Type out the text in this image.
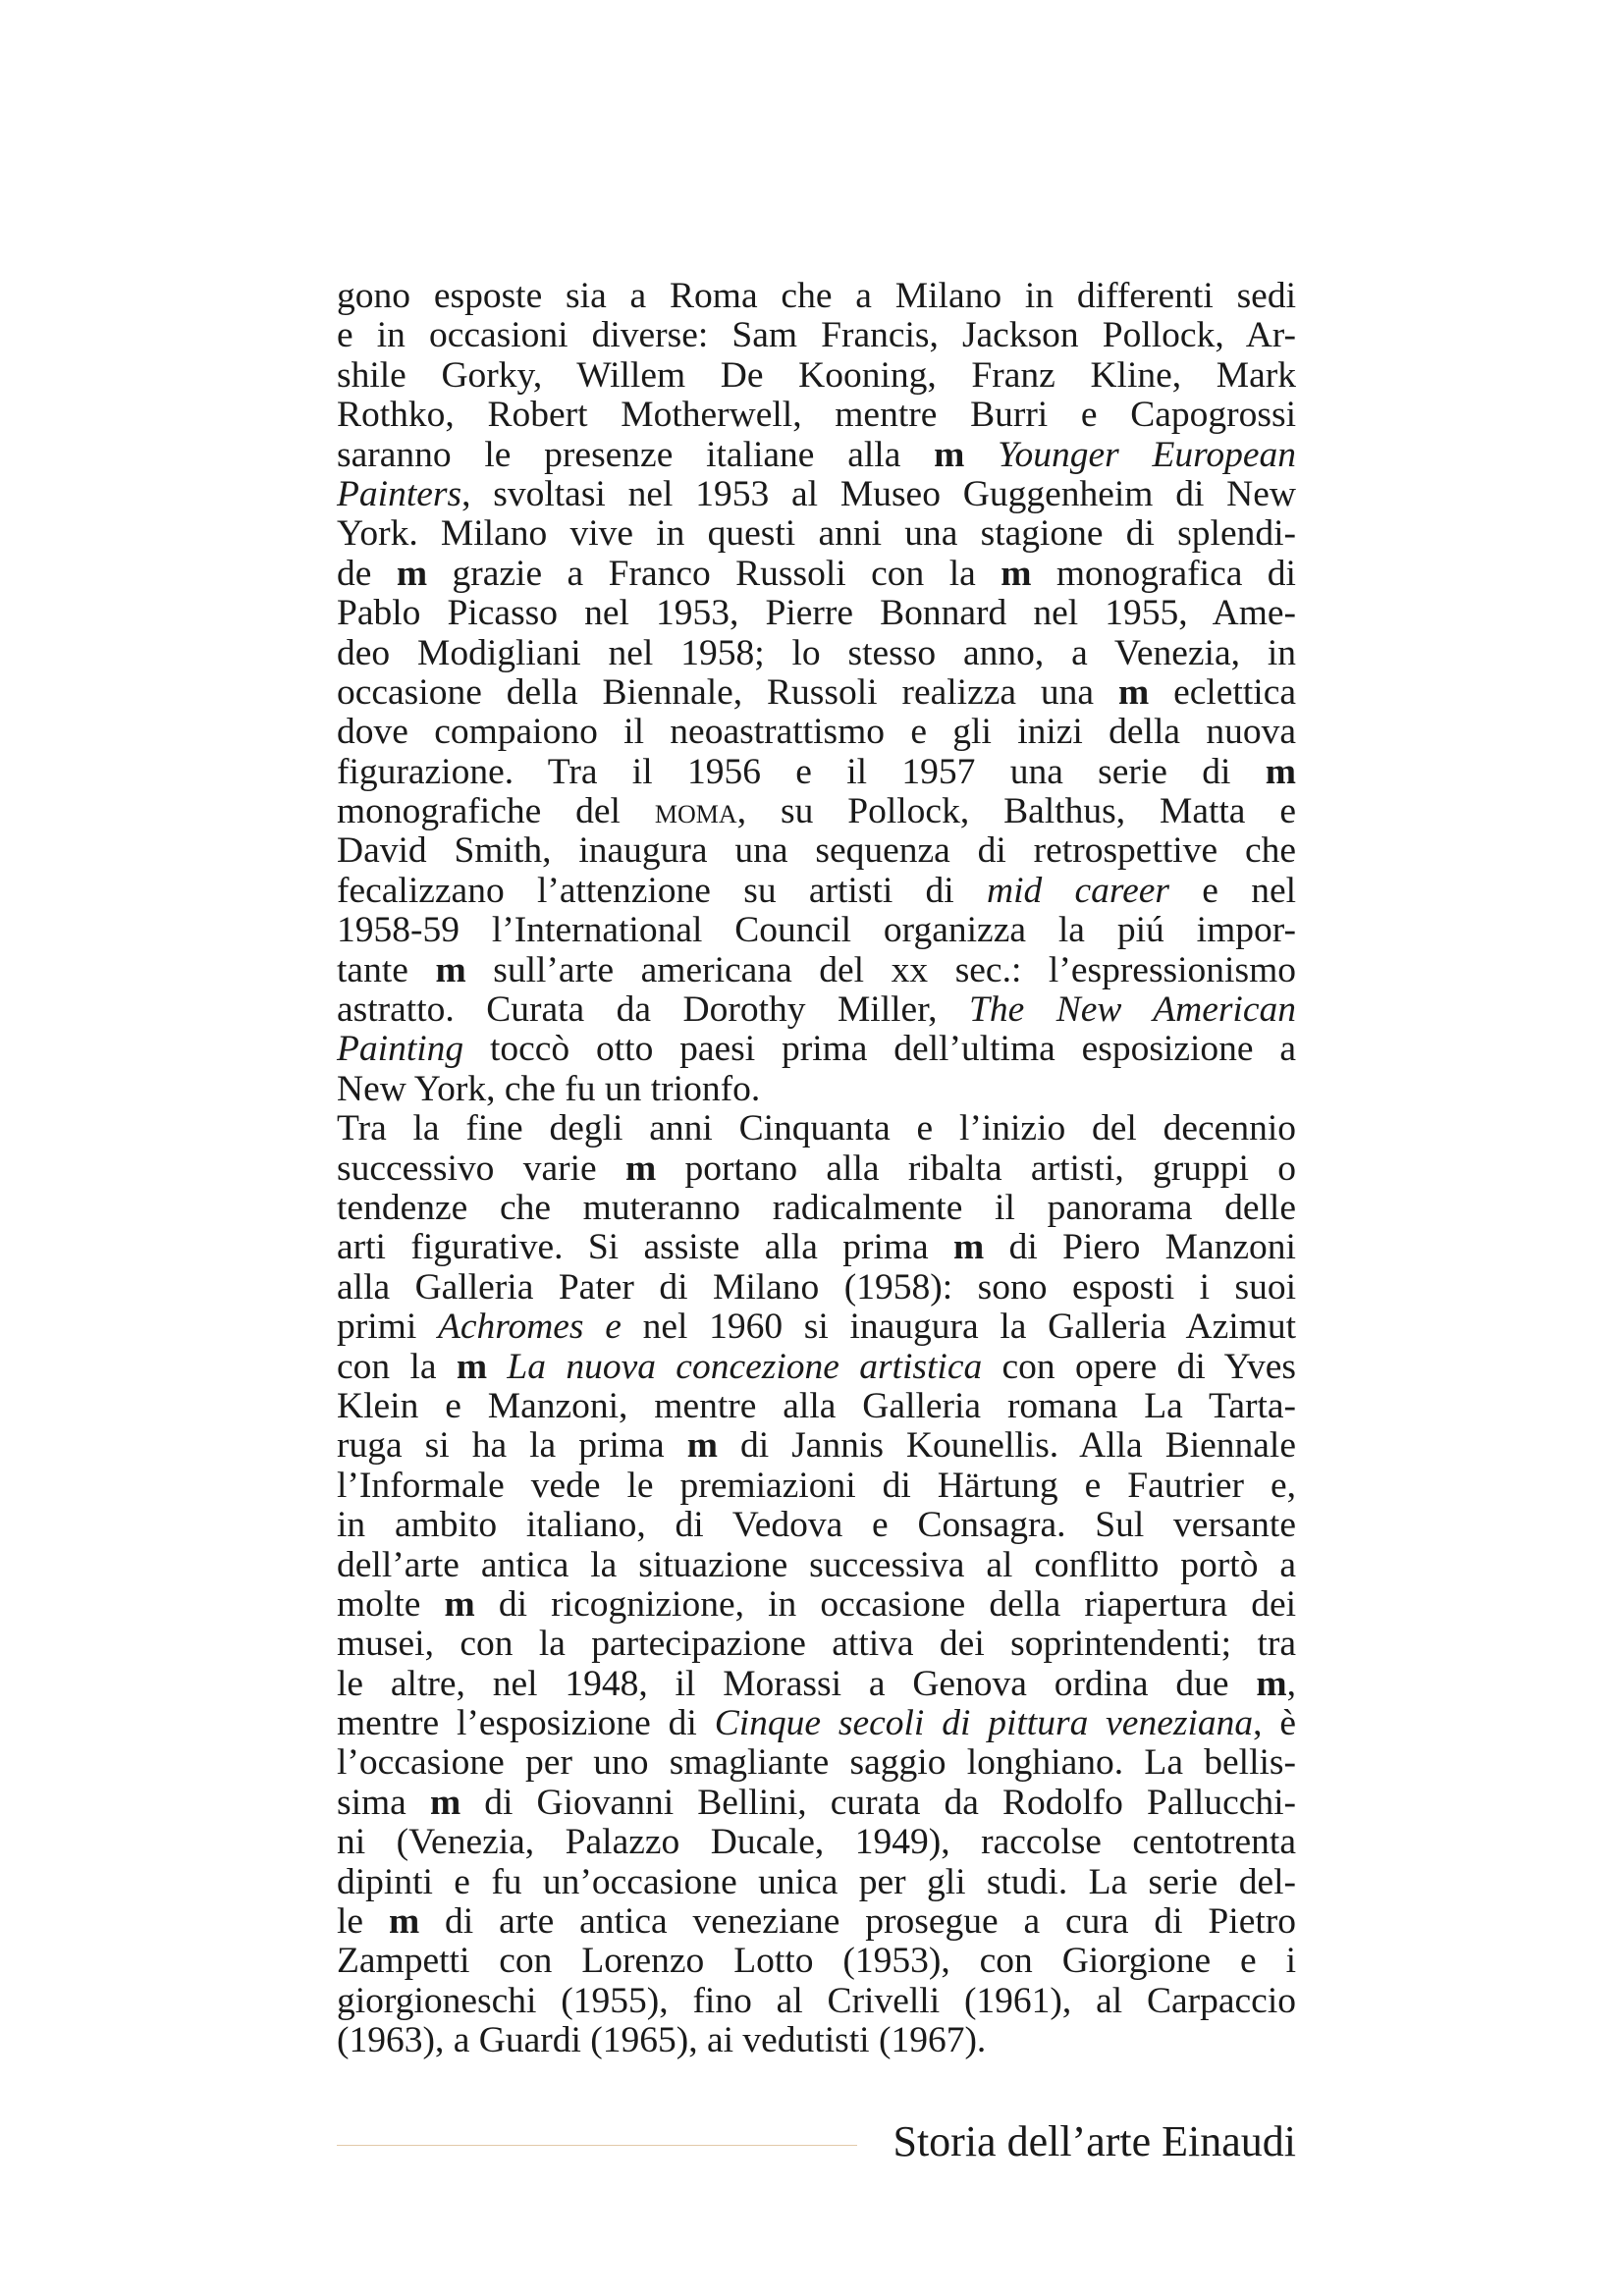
gono esposte sia a Roma che a Milano in differenti sedi
e in occasioni diverse: Sam Francis, Jackson Pollock, Ar-
shile Gorky, Willem De Kooning, Franz Kline, Mark
Rothko, Robert Motherwell, mentre Burri e Capogrossi
saranno le presenze italiane alla m Younger European
Painters, svoltasi nel 1953 al Museo Guggenheim di New
York. Milano vive in questi anni una stagione di splendi-
de m grazie a Franco Russoli con la m monografica di
Pablo Picasso nel 1953, Pierre Bonnard nel 1955, Ame-
deo Modigliani nel 1958; lo stesso anno, a Venezia, in
occasione della Biennale, Russoli realizza una m eclettica
dove compaiono il neoastrattismo e gli inizi della nuova
figurazione. Tra il 1956 e il 1957 una serie di m
monografiche del moma, su Pollock, Balthus, Matta e
David Smith, inaugura una sequenza di retrospettive che
fecalizzano l’attenzione su artisti di mid career e nel
1958-59 l’International Council organizza la piú impor-
tante m sull’arte americana del xx sec.: l’espressionismo
astratto. Curata da Dorothy Miller, The New American
Painting toccò otto paesi prima dell’ultima esposizione a
New York, che fu un trionfo.
Tra la fine degli anni Cinquanta e l’inizio del decennio
successivo varie m portano alla ribalta artisti, gruppi o
tendenze che muteranno radicalmente il panorama delle
arti figurative. Si assiste alla prima m di Piero Manzoni
alla Galleria Pater di Milano (1958): sono esposti i suoi
primi Achromes e nel 1960 si inaugura la Galleria Azimut
con la m La nuova concezione artistica con opere di Yves
Klein e Manzoni, mentre alla Galleria romana La Tarta-
ruga si ha la prima m di Jannis Kounellis. Alla Biennale
l’Informale vede le premiazioni di Härtung e Fautrier e,
in ambito italiano, di Vedova e Consagra. Sul versante
dell’arte antica la situazione successiva al conflitto portò a
molte m di ricognizione, in occasione della riapertura dei
musei, con la partecipazione attiva dei soprintendenti; tra
le altre, nel 1948, il Morassi a Genova ordina due m,
mentre l’esposizione di Cinque secoli di pittura veneziana, è
l’occasione per uno smagliante saggio longhiano. La bellis-
sima m di Giovanni Bellini, curata da Rodolfo Pallucchi-
ni (Venezia, Palazzo Ducale, 1949), raccolse centotrenta
dipinti e fu un’occasione unica per gli studi. La serie del-
le m di arte antica veneziane prosegue a cura di Pietro
Zampetti con Lorenzo Lotto (1953), con Giorgione e i
giorgioneschi (1955), fino al Crivelli (1961), al Carpaccio
(1963), a Guardi (1965), ai vedutisti (1967).
Storia dell’arte Einaudi
